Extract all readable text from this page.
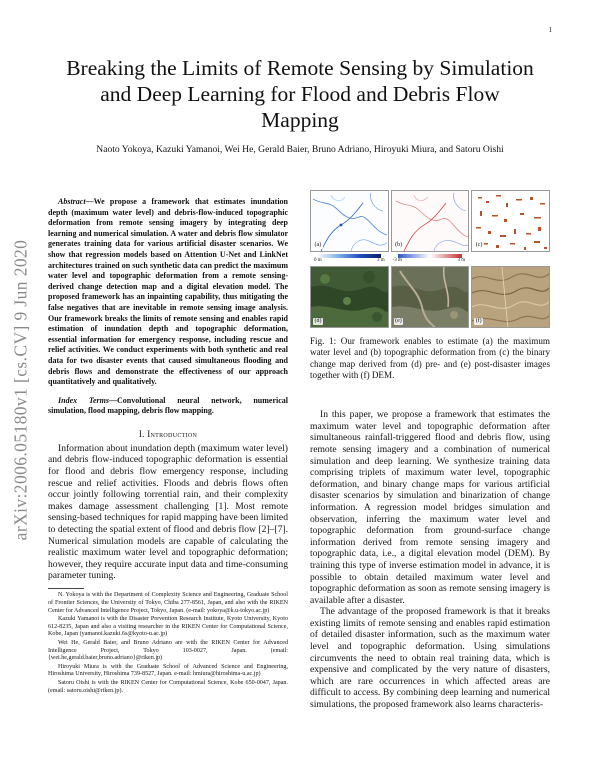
1
arXiv:2006.05180v1 [cs.CV] 9 Jun 2020
Breaking the Limits of Remote Sensing by Simulation and Deep Learning for Flood and Debris Flow Mapping
Naoto Yokoya, Kazuki Yamanoi, Wei He, Gerald Baier, Bruno Adriano, Hiroyuki Miura, and Satoru Oishi

Abstract—We propose a framework that estimates inundation depth (maximum water level) and debris-flow-induced topographic deformation from remote sensing imagery by integrating deep learning and numerical simulation. A water and debris flow simulator generates training data for various artificial disaster scenarios. We show that regression models based on Attention U-Net and LinkNet architectures trained on such synthetic data can predict the maximum water level and topographic deformation from a remote sensing-derived change detection map and a digital elevation model. The proposed framework has an inpainting capability, thus mitigating the false negatives that are inevitable in remote sensing image analysis. Our framework breaks the limits of remote sensing and enables rapid estimation of inundation depth and topographic deformation, essential information for emergency response, including rescue and relief activities. We conduct experiments with both synthetic and real data for two disaster events that caused simultaneous flooding and debris flows and demonstrate the effectiveness of our approach quantitatively and qualitatively.

Index Terms—Convolutional neural network, numerical simulation, flood mapping, debris flow mapping.

I. Introduction

Information about inundation depth (maximum water level) and debris flow-induced topographic deformation is essential for flood and debris flow emergency response, including rescue and relief activities. Floods and debris flows often occur jointly following torrential rain, and their complexity makes damage assessment challenging [1]. Most remote sensing-based techniques for rapid mapping have been limited to detecting the spatial extent of flood and debris flow [2]–[7]. Numerical simulation models are capable of calculating the realistic maximum water level and topographic deformation; however, they require accurate input data and time-consuming parameter tuning.

N. Yokoya is with the Department of Complexity Science and Engineering, Graduate School of Frontier Sciences, the University of Tokyo, Chiba 277-8561, Japan, and also with the RIKEN Center for Advanced Intelligence Project, Tokyo, Japan. (e-mail: yokoya@k.u-tokyo.ac.jp)

Kazuki Yamanoi is with the Disaster Prevention Research Institute, Kyoto University, Kyoto 612-8235, Japan and also a visiting researcher in the RIKEN Center for Computational Science, Kobe, Japan (yamanoi.kazuki.6s@kyoto-u.ac.jp)

Wei He, Gerald Baier, and Bruno Adriano are with the RIKEN Center for Advanced Intelligence Project, Tokyo 103-0027, Japan. (email: {wei.he,gerald.baier,bruno.adriano}@riken.jp)

Hiroyuki Miura is with the Graduate School of Advanced Science and Engineering, Hiroshima University, Hiroshima 739-8527, Japan. e-mail: hmiura@hiroshima-u.ac.jp)

Satoru Oishi is with the RIKEN Center for Computational Science, Kobe 650-0047, Japan. (email: satoru.oishi@riken.jp).

(a)	(b)	(c)
0 m	3 m -3 m	3 m
(d)	(e)	(f)

Fig. 1: Our framework enables to estimate (a) the maximum water level and (b) topographic deformation from (c) the binary change map derived from (d) pre- and (e) post-disaster images together with (f) DEM.

In this paper, we propose a framework that estimates the maximum water level and topographic deformation after simultaneous rainfall-triggered flood and debris flow, using remote sensing imagery and a combination of numerical simulation and deep learning. We synthesize training data comprising triplets of maximum water level, topographic deformation, and binary change maps for various artificial disaster scenarios by simulation and binarization of change information. A regression model bridges simulation and observation, inferring the maximum water level and topographic deformation from ground-surface change information derived from remote sensing imagery and topographic data, i.e., a digital elevation model (DEM). By training this type of inverse estimation model in advance, it is possible to obtain detailed maximum water level and topographic deformation as soon as remote sensing imagery is available after a disaster.

The advantage of the proposed framework is that it breaks existing limits of remote sensing and enables rapid estimation of detailed disaster information, such as the maximum water level and topographic deformation. Using simulations circumvents the need to obtain real training data, which is expensive and complicated by the very nature of disasters, which are rare occurrences in which affected areas are difficult to access. By combining deep learning and numerical simulations, the proposed framework also learns characteris-
